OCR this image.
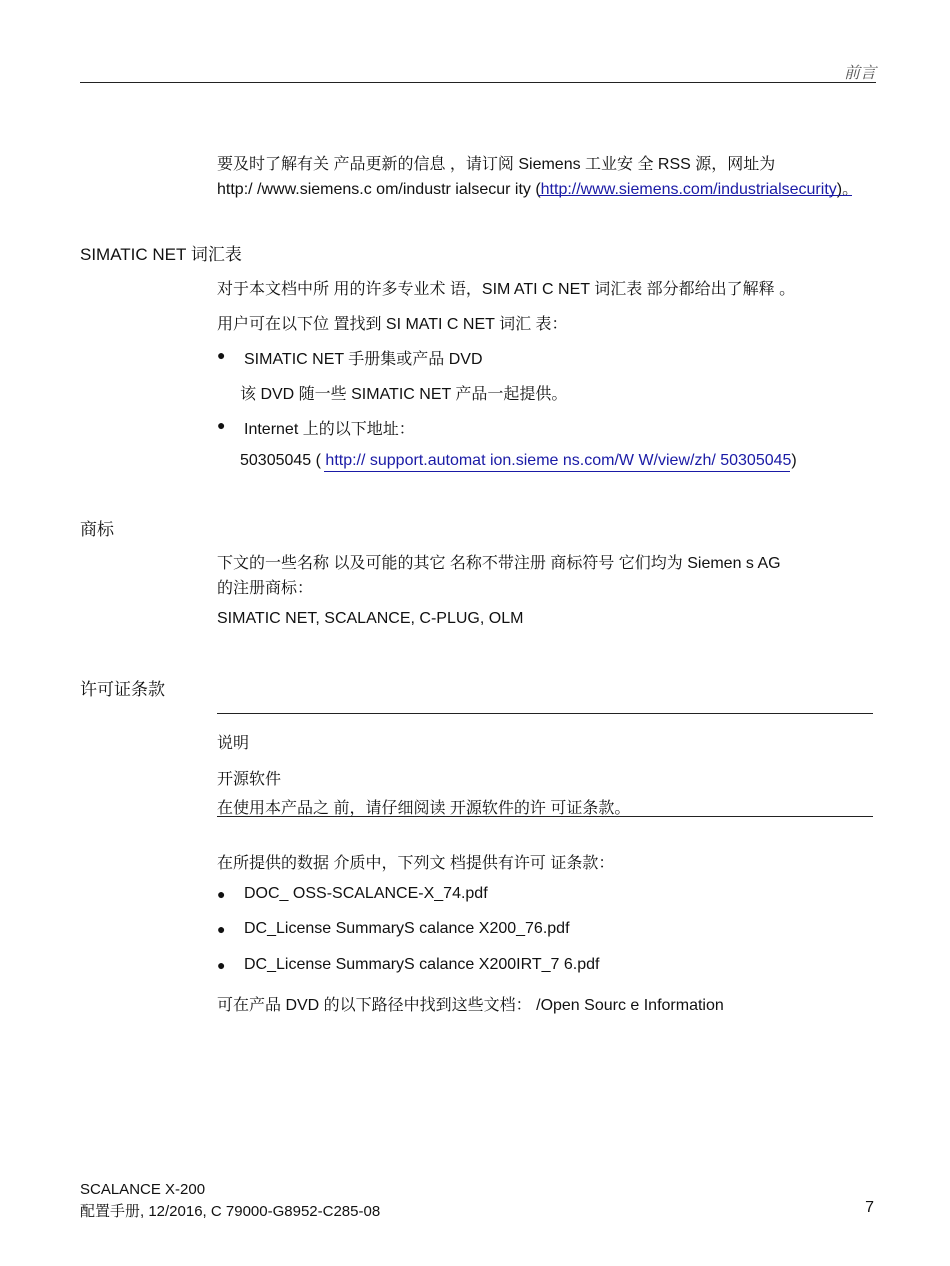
前言
要及时了解有关 产品更新的信息 ，请订阅 Siemens 工业安 全 RSS 源，网址为
http:/ /www.siemens.c om/industr ialsecur ity (http://www.siemens.com/industrialsecurity)。
SIMATIC NET 词汇表
对于本文档中所 用的许多专业术 语，SIM ATI C NET 词汇表 部分都给出了解释 。
用户可在以下位 置找到 SI MATI C NET 词汇 表：
● SIMATIC NET 手册集或产品 DVD
该 DVD 随一些 SIMATIC NET 产品一起提供。
● Internet 上的以下地址：
50305045 ( http:// support.automat ion.sieme ns.com/W W/view/zh/ 50305045)
商标
下文的一些名称 以及可能的其它 名称不带注册 商标符号 它们均为 Siemen s AG
的注册商标：
SIMATIC NET, SCALANCE, C-PLUG, OLM
许可证条款
说明
开源软件
在使用本产品之 前，请仔细阅读 开源软件的许 可证条款。
在所提供的数据 介质中，下列文 档提供有许可 证条款：
● DOC_ OSS-SCALANCE-X_74.pdf
● DC_License SummaryS calance X200_76.pdf
● DC_License SummaryS calance X200IRT_7 6.pdf
可在产品 DVD 的以下路径中找到这些文档： /Open Sourc e Information
SCALANCE X-200
配置手册, 12/2016, C 79000-G8952-C285-08	7
